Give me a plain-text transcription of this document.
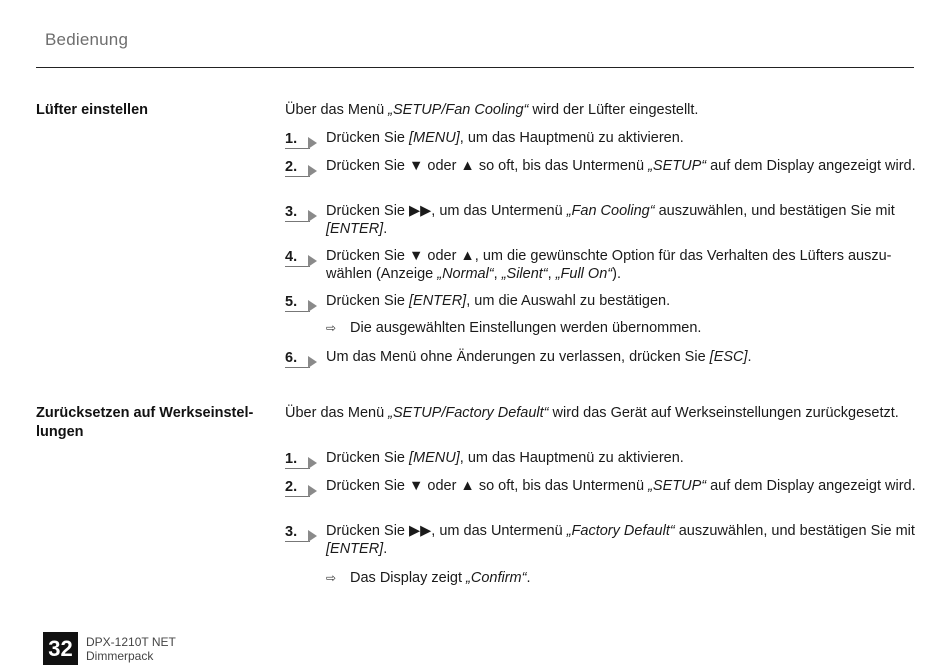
Bedienung
Lüfter einstellen	Über das Menü „SETUP/Fan Cooling“ wird der Lüfter eingestellt.
1.	Drücken Sie [MENU], um das Hauptmenü zu aktivieren.
2.	Drücken Sie ▼ oder ▲ so oft, bis das Untermenü „SETUP“ auf dem Display angezeigt wird.
3.	Drücken Sie ▶▶, um das Untermenü „Fan Cooling“ auszuwählen, und bestätigen Sie mit [ENTER].
4.	Drücken Sie ▼ oder ▲, um die gewünschte Option für das Verhalten des Lüfters auszuwählen (Anzeige „Normal“, „Silent“, „Full On“).
5.	Drücken Sie [ENTER], um die Auswahl zu bestätigen.
⇨ Die ausgewählten Einstellungen werden übernommen.
6.	Um das Menü ohne Änderungen zu verlassen, drücken Sie [ESC].
Zurücksetzen auf Werkseinstellungen
Über das Menü „SETUP/Factory Default“ wird das Gerät auf Werkseinstellungen zurückgesetzt.
1.	Drücken Sie [MENU], um das Hauptmenü zu aktivieren.
2.	Drücken Sie ▼ oder ▲ so oft, bis das Untermenü „SETUP“ auf dem Display angezeigt wird.
3.	Drücken Sie ▶▶, um das Untermenü „Factory Default“ auszuwählen, und bestätigen Sie mit [ENTER].
⇨ Das Display zeigt „Confirm“.
32	DPX-1210T NET
Dimmerpack
